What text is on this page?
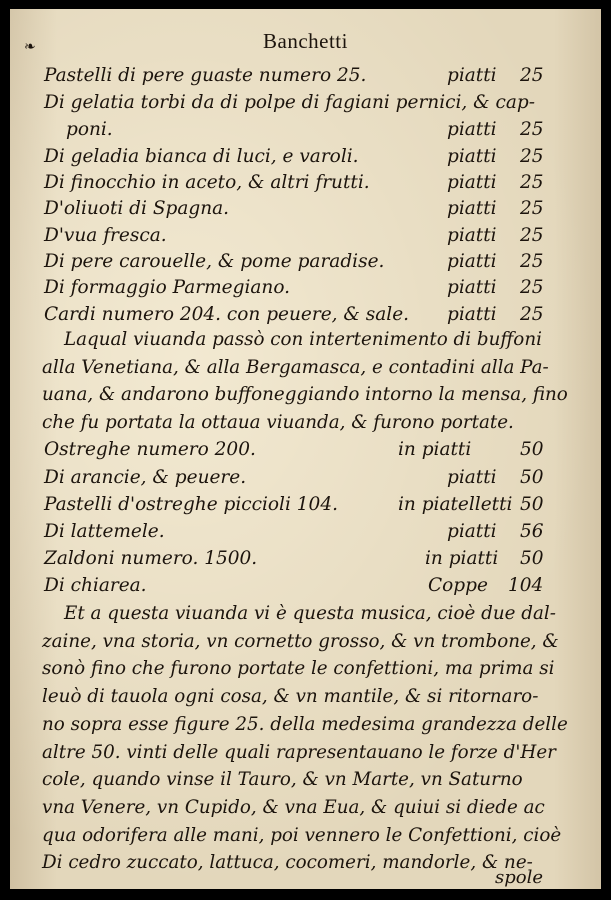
❧	Banchetti
Pastelli di pere guaste numero 25.	piatti 25
Di gelatia torbi da di polpe di fagiani pernici, & cap-
poni.	piatti 25
Di geladia bianca di luci, e varoli.	piatti 25
Di finocchio in aceto, & altri frutti.	piatti 25
D'oliuoti di Spagna.	piatti 25
D'vua fresca.	piatti 25
Di pere carouelle, & pome paradise.	piatti 25
Di formaggio Parmegiano.	piatti 25
Cardi numero 204. con peuere, & sale. piatti 25
Laqual viuanda passò con intertenimento di buffoni
alla Venetiana, & alla Bergamasca, e contadini alla Pa-
uana, & andarono buffoneggiando intorno la mensa, fino
che fu portata la ottaua viuanda, & furono portate.
Ostreghe numero 200.	in piatti	50
Di arancie, & peuere.	piatti 50
Pastelli d'ostreghe piccioli 104.	in piatelletti 50
Di lattemele.	piatti 56
Zaldoni numero. 1500.	in piatti 50
Di chiarea.	Coppe 104
Et a questa viuanda vi è questa musica, cioè due dal-
zaine, vna storia, vn cornetto grosso, & vn trombone, &
sonò fino che furono portate le confettioni, ma prima si
leuò di tauola ogni cosa, & vn mantile, & si ritornaro-
no sopra esse figure 25. della medesima grandezza delle
altre 50. vinti delle quali rapresentauano le forze d'Her
cole, quando vinse il Tauro, & vn Marte, vn Saturno
vna Venere, vn Cupido, & vna Eua, & quiui si diede ac
qua odorifera alle mani, poi vennero le Confettioni, cioè
Di cedro zuccato, lattuca, cocomeri, mandorle, & ne-
spole
